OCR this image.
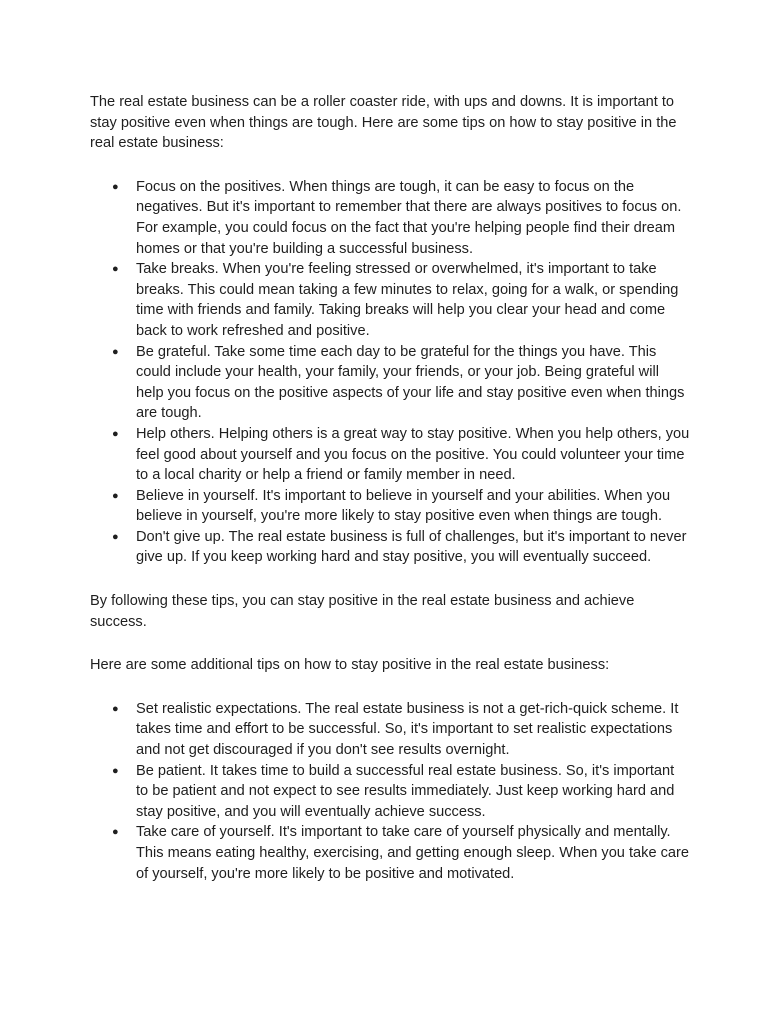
The real estate business can be a roller coaster ride, with ups and downs. It is important to stay positive even when things are tough. Here are some tips on how to stay positive in the real estate business:

● Focus on the positives. When things are tough, it can be easy to focus on the negatives. But it's important to remember that there are always positives to focus on. For example, you could focus on the fact that you're helping people find their dream homes or that you're building a successful business.
● Take breaks. When you're feeling stressed or overwhelmed, it's important to take breaks. This could mean taking a few minutes to relax, going for a walk, or spending time with friends and family. Taking breaks will help you clear your head and come back to work refreshed and positive.
● Be grateful. Take some time each day to be grateful for the things you have. This could include your health, your family, your friends, or your job. Being grateful will help you focus on the positive aspects of your life and stay positive even when things are tough.
● Help others. Helping others is a great way to stay positive. When you help others, you feel good about yourself and you focus on the positive. You could volunteer your time to a local charity or help a friend or family member in need.
● Believe in yourself. It's important to believe in yourself and your abilities. When you believe in yourself, you're more likely to stay positive even when things are tough.
● Don't give up. The real estate business is full of challenges, but it's important to never give up. If you keep working hard and stay positive, you will eventually succeed.

By following these tips, you can stay positive in the real estate business and achieve success.

Here are some additional tips on how to stay positive in the real estate business:

● Set realistic expectations. The real estate business is not a get-rich-quick scheme. It takes time and effort to be successful. So, it's important to set realistic expectations and not get discouraged if you don't see results overnight.
● Be patient. It takes time to build a successful real estate business. So, it's important to be patient and not expect to see results immediately. Just keep working hard and stay positive, and you will eventually achieve success.
● Take care of yourself. It's important to take care of yourself physically and mentally. This means eating healthy, exercising, and getting enough sleep. When you take care of yourself, you're more likely to be positive and motivated.
